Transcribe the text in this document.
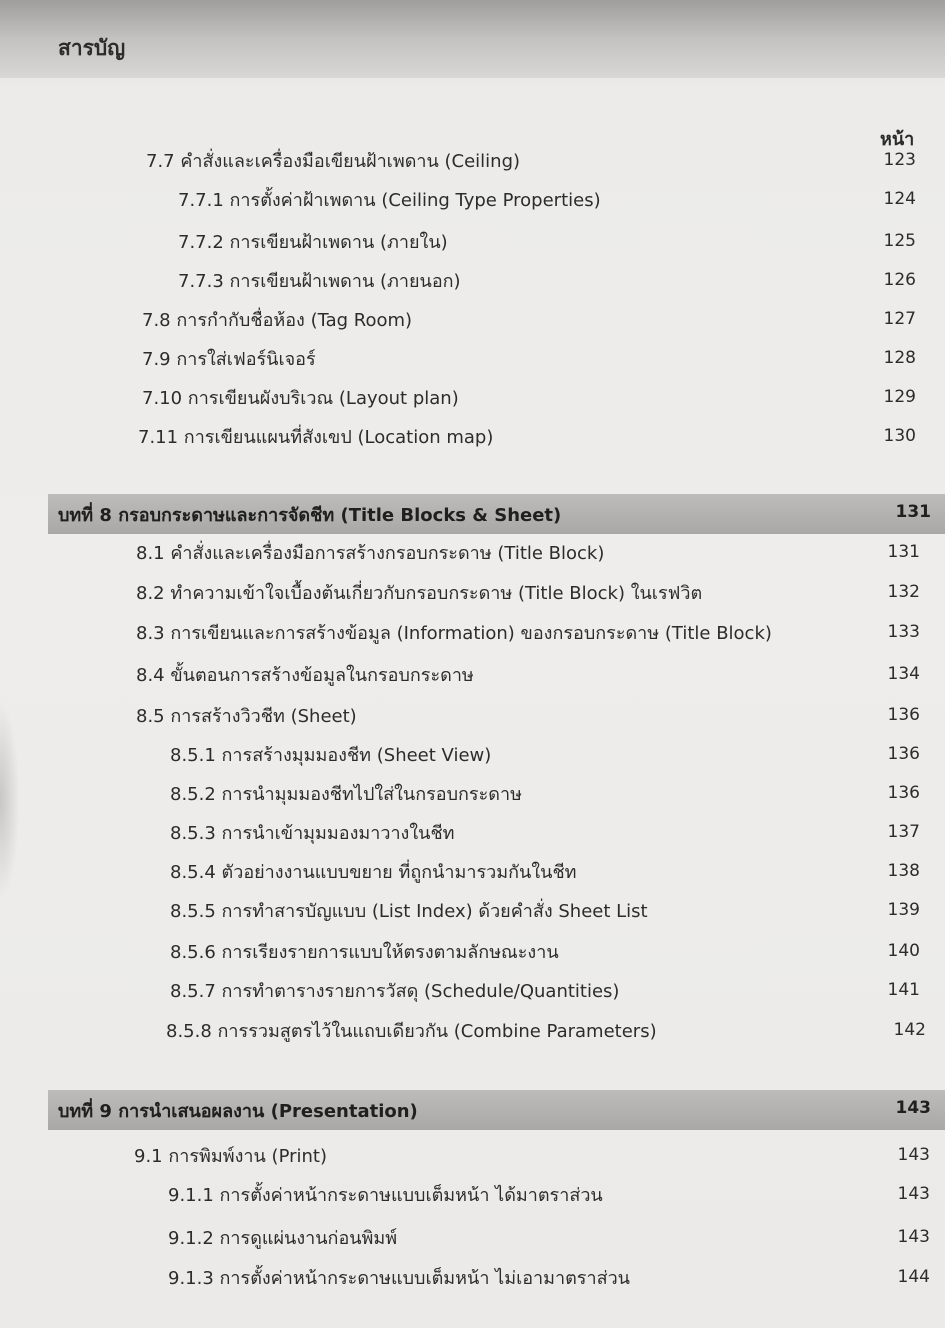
สารบัญ
หน้า
7.7 คำสั่งและเครื่องมือเขียนฝ้าเพดาน (Ceiling)	123
7.7.1 การตั้งค่าฝ้าเพดาน (Ceiling Type Properties)	124
7.7.2 การเขียนฝ้าเพดาน (ภายใน)	125
7.7.3 การเขียนฝ้าเพดาน (ภายนอก)	126
7.8 การกำกับชื่อห้อง (Tag Room)	127
7.9 การใส่เฟอร์นิเจอร์	128
7.10 การเขียนผังบริเวณ (Layout plan)	129
7.11 การเขียนแผนที่สังเขป (Location map)	130
บทที่ 8 กรอบกระดาษและการจัดชีท (Title Blocks & Sheet)	131
8.1 คำสั่งและเครื่องมือการสร้างกรอบกระดาษ (Title Block)	131
8.2 ทำความเข้าใจเบื้องต้นเกี่ยวกับกรอบกระดาษ (Title Block) ในเรฟวิต	132
8.3 การเขียนและการสร้างข้อมูล (Information) ของกรอบกระดาษ (Title Block)	133
8.4 ขั้นตอนการสร้างข้อมูลในกรอบกระดาษ	134
8.5 การสร้างวิวชีท (Sheet)	136
8.5.1 การสร้างมุมมองชีท (Sheet View)	136
8.5.2 การนำมุมมองชีทไปใส่ในกรอบกระดาษ	136
8.5.3 การนำเข้ามุมมองมาวางในชีท	137
8.5.4 ตัวอย่างงานแบบขยาย ที่ถูกนำมารวมกันในชีท	138
8.5.5 การทำสารบัญแบบ (List Index) ด้วยคำสั่ง Sheet List	139
8.5.6 การเรียงรายการแบบให้ตรงตามลักษณะงาน	140
8.5.7 การทำตารางรายการวัสดุ (Schedule/Quantities)	141
8.5.8 การรวมสูตรไว้ในแถบเดียวกัน (Combine Parameters)	142
บทที่ 9 การนำเสนอผลงาน (Presentation)	143
9.1 การพิมพ์งาน (Print)	143
9.1.1 การตั้งค่าหน้ากระดาษแบบเต็มหน้า ได้มาตราส่วน	143
9.1.2 การดูแผ่นงานก่อนพิมพ์	143
9.1.3 การตั้งค่าหน้ากระดาษแบบเต็มหน้า ไม่เอามาตราส่วน	144
